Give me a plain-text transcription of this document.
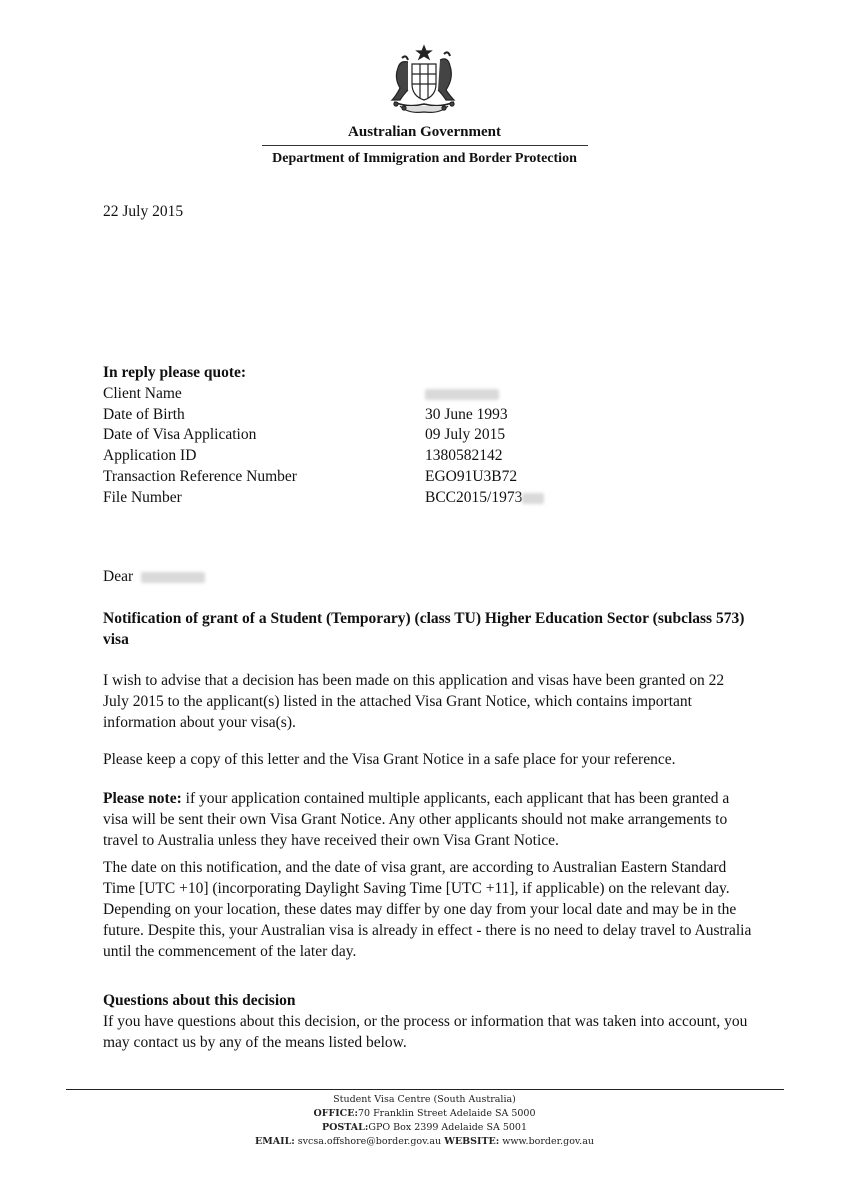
Australian Government
Department of Immigration and Border Protection
22 July 2015
In reply please quote:
Client Name
Date of Birth	30 June 1993
Date of Visa Application	09 July 2015
Application ID	1380582142
Transaction Reference Number	EGO91U3B72
File Number	BCC2015/1973
Dear

Notification of grant of a Student (Temporary) (class TU) Higher Education Sector (subclass 573) visa

I wish to advise that a decision has been made on this application and visas have been granted on 22 July 2015 to the applicant(s) listed in the attached Visa Grant Notice, which contains important information about your visa(s).

Please keep a copy of this letter and the Visa Grant Notice in a safe place for your reference.

Please note: if your application contained multiple applicants, each applicant that has been granted a visa will be sent their own Visa Grant Notice. Any other applicants should not make arrangements to travel to Australia unless they have received their own Visa Grant Notice.

The date on this notification, and the date of visa grant, are according to Australian Eastern Standard Time [UTC +10] (incorporating Daylight Saving Time [UTC +11], if applicable) on the relevant day. Depending on your location, these dates may differ by one day from your local date and may be in the future. Despite this, your Australian visa is already in effect - there is no need to delay travel to Australia until the commencement of the later day.

Questions about this decision

If you have questions about this decision, or the process or information that was taken into account, you may contact us by any of the means listed below.

Student Visa Centre (South Australia)
OFFICE:70 Franklin Street Adelaide SA 5000
POSTAL:GPO Box 2399 Adelaide SA 5001
EMAIL: svcsa.offshore@border.gov.au WEBSITE: www.border.gov.au
